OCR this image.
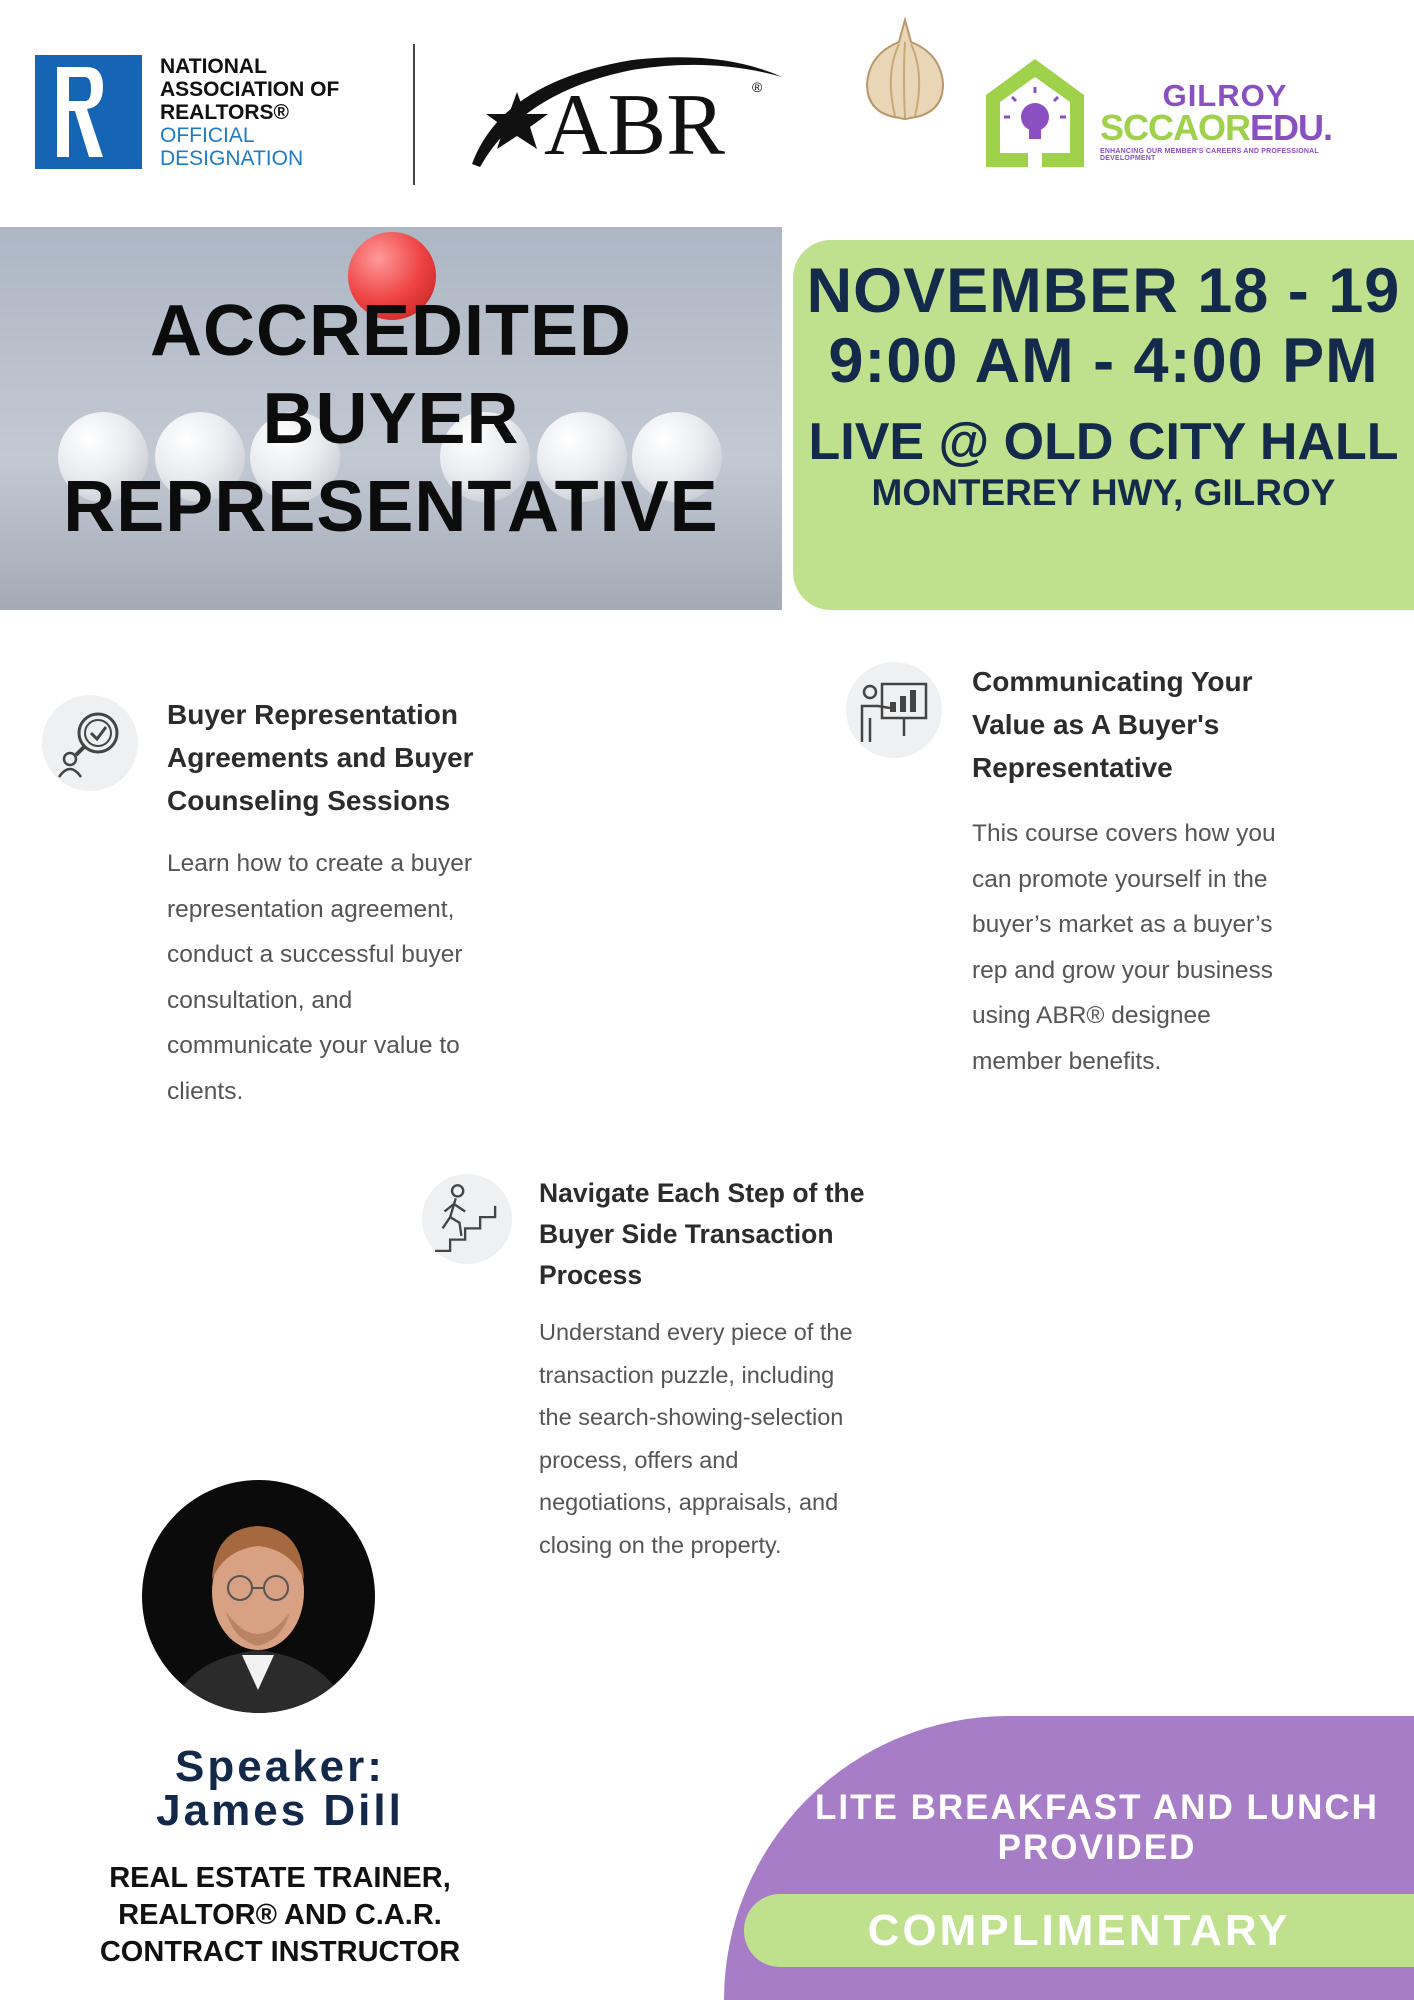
NATIONAL
ASSOCIATION OF
REALTORS®
OFFICIAL
DESIGNATION	ABR ®	GILROY
SCCAOREDU.
ENHANCING OUR MEMBER'S CAREERS AND PROFESSIONAL DEVELOPMENT
ACCREDITED
BUYER
REPRESENTATIVE
NOVEMBER 18 - 19
9:00 AM - 4:00 PM
LIVE @ OLD CITY HALL
MONTEREY HWY, GILROY
Buyer Representation
Agreements and Buyer
Counseling Sessions
Learn how to create a buyer
representation agreement,
conduct a successful buyer
consultation, and
communicate your value to
clients.
Communicating Your
Value as A Buyer's
Representative
This course covers how you
can promote yourself in the
buyer’s market as a buyer’s
rep and grow your business
using ABR® designee
member benefits.
Navigate Each Step of the
Buyer Side Transaction
Process
Understand every piece of the
transaction puzzle, including
the search-showing-selection
process, offers and
negotiations, appraisals, and
closing on the property.
Speaker:
James Dill
REAL ESTATE TRAINER,
REALTOR® AND C.A.R.
CONTRACT INSTRUCTOR
LITE BREAKFAST AND LUNCH
PROVIDED
COMPLIMENTARY
